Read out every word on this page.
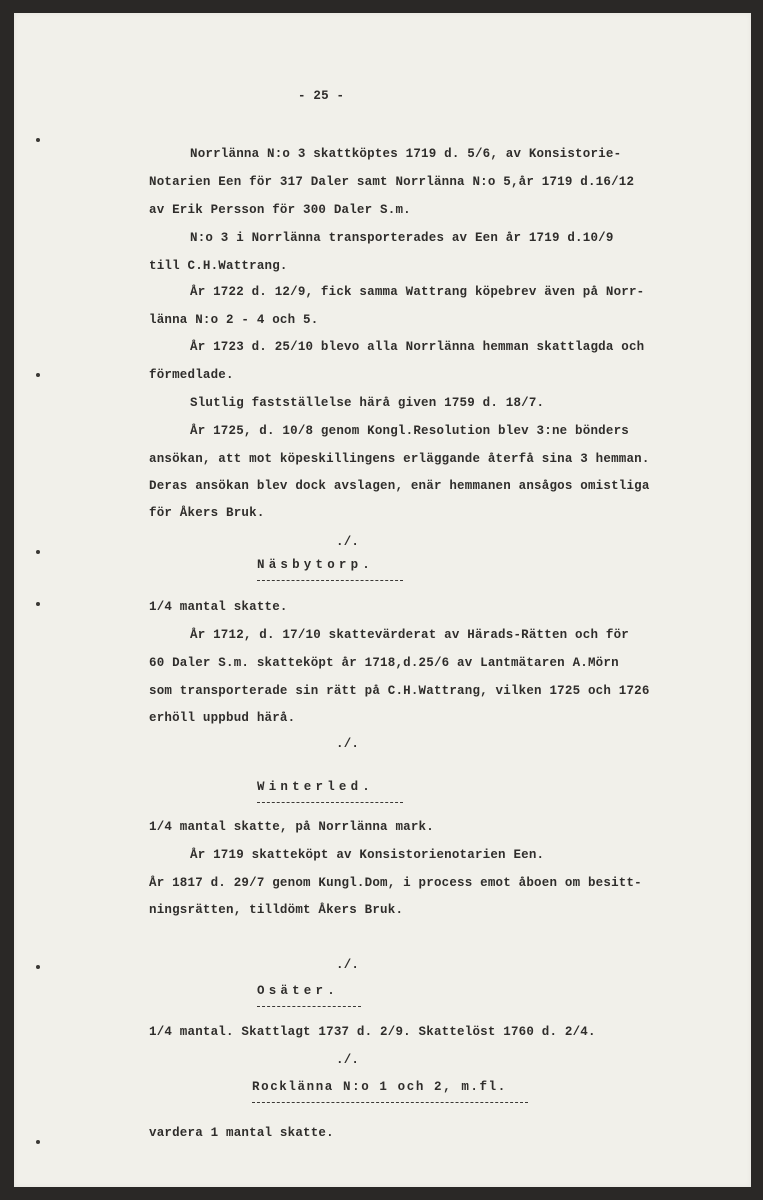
- 25 -
Norrlänna N:o 3 skattköptes 1719 d. 5/6, av Konsistorie-
Notarien Een för 317 Daler samt Norrlänna N:o 5,år 1719 d.16/12
av Erik Persson för 300 Daler S.m.
N:o 3 i Norrlänna transporterades av Een år 1719 d.10/9
till C.H.Wattrang.
År 1722 d. 12/9, fick samma Wattrang köpebrev även på Norr-
länna N:o 2 - 4 och 5.
År 1723 d. 25/10 blevo alla Norrlänna hemman skattlagda och
förmedlade.
Slutlig fastställelse härå given 1759 d. 18/7.
År 1725, d. 10/8 genom Kongl.Resolution blev 3:ne bönders
ansökan, att mot köpeskillingens erläggande återfå sina 3 hemman.
Deras ansökan blev dock avslagen, enär hemmanen ansågos omistliga
för Åkers Bruk.
./.
Näsbytorp.
1/4 mantal skatte.
År 1712, d. 17/10 skattevärderat av Härads-Rätten och för
60 Daler S.m. skatteköpt år 1718,d.25/6 av Lantmätaren A.Mörn
som transporterade sin rätt på C.H.Wattrang, vilken 1725 och 1726
erhöll uppbud härå.
./.
Winterled.
1/4 mantal skatte, på Norrlänna mark.
År 1719 skatteköpt av Konsistorienotarien Een.
År 1817 d. 29/7 genom Kungl.Dom, i process emot åboen om besitt-
ningsrätten, tilldömt Åkers Bruk.
./.
Osäter.
1/4 mantal. Skattlagt 1737 d. 2/9. Skattelöst 1760 d. 2/4.
./.
Rocklänna N:o 1 och 2, m.fl.
vardera 1 mantal skatte.
